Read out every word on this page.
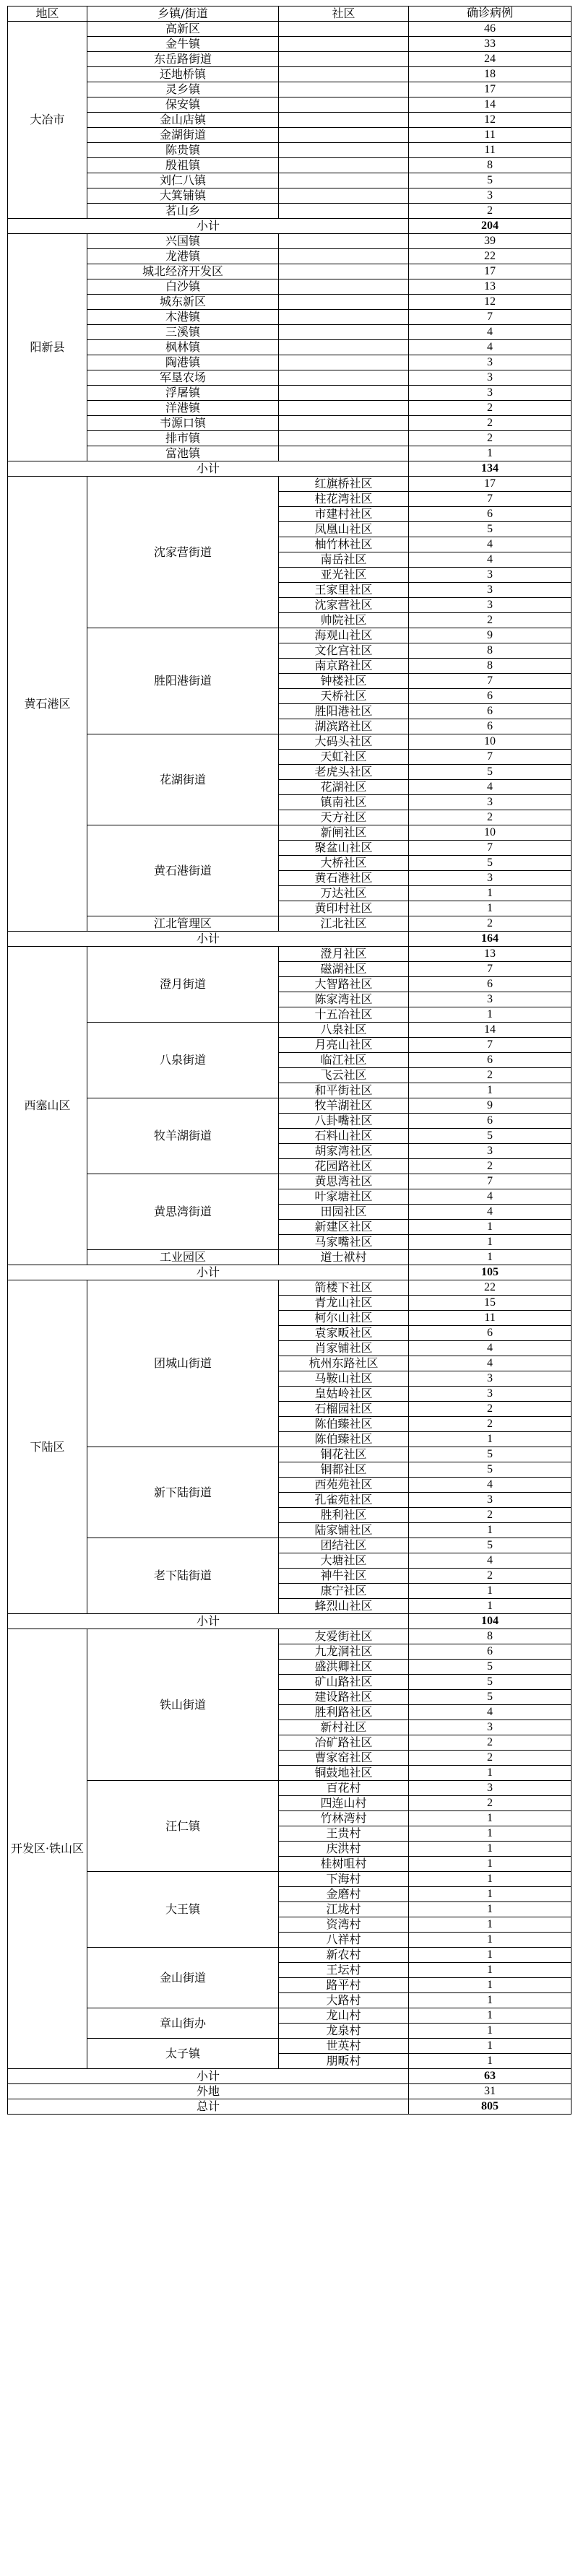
地区	乡镇/街道	社区	确诊病例
大冶市	高新区		46
	金牛镇		33
	东岳路街道		24
	还地桥镇		18
	灵乡镇		17
	保安镇		14
	金山店镇		12
	金湖街道		11
	陈贵镇		11
	殷祖镇		8
	刘仁八镇		5
	大箕铺镇		3
	茗山乡		2
小计			204
阳新县	兴国镇		39
	龙港镇		22
	城北经济开发区		17
	白沙镇		13
	城东新区		12
	木港镇		7
	三溪镇		4
	枫林镇		4
	陶港镇		3
	军垦农场		3
	浮屠镇		3
	洋港镇		2
	韦源口镇		2
	排市镇		2
	富池镇		1
小计			134
黄石港区	沈家营街道	红旗桥社区	17
		柱花湾社区	7
		市建村社区	6
		凤凰山社区	5
		柚竹林社区	4
		南岳社区	4
		亚光社区	3
		王家里社区	3
		沈家营社区	3
		帅院社区	2
	胜阳港街道	海观山社区	9
		文化宫社区	8
		南京路社区	8
		钟楼社区	7
		天桥社区	6
		胜阳港社区	6
		湖滨路社区	6
	花湖街道	大码头社区	10
		天虹社区	7
		老虎头社区	5
		花湖社区	4
		镇南社区	3
		天方社区	2
	黄石港街道	新闸社区	10
		聚盆山社区	7
		大桥社区	5
		黄石港社区	3
		万达社区	1
		黄印村社区	1
	江北管理区	江北社区	2
小计			164
西塞山区	澄月街道	澄月社区	13
		磁湖社区	7
		大智路社区	6
		陈家湾社区	3
		十五冶社区	1
	八泉街道	八泉社区	14
		月亮山社区	7
		临江社区	6
		飞云社区	2
		和平街社区	1
	牧羊湖街道	牧羊湖社区	9
		八卦嘴社区	6
		石料山社区	5
		胡家湾社区	3
		花园路社区	2
	黄思湾街道	黄思湾社区	7
		叶家塘社区	4
		田园社区	4
		新建区社区	1
		马家嘴社区	1
	工业园区	道士袱村	1
小计			105
下陆区	团城山街道	箭楼下社区	22
		青龙山社区	15
		柯尔山社区	11
		袁家畈社区	6
		肖家铺社区	4
		杭州东路社区	4
		马鞍山社区	3
		皇姑岭社区	3
		石榴园社区	2
		陈伯臻社区	2
		陈伯臻社区	1
	新下陆街道	铜花社区	5
		铜都社区	5
		西苑苑社区	4
		孔雀苑社区	3
		胜利社区	2
		陆家铺社区	1
	老下陆街道	团结社区	5
		大塘社区	4
		神牛社区	2
		康宁社区	1
		蜂烈山社区	1
小计			104
开发区·铁山区	铁山街道	友爱街社区	8
		九龙洞社区	6
		盛洪卿社区	5
		矿山路社区	5
		建设路社区	5
		胜利路社区	4
		新村社区	3
		冶矿路社区	2
		曹家窑社区	2
		铜鼓地社区	1
	汪仁镇	百花村	3
		四连山村	2
		竹林湾村	1
		王贵村	1
		庆洪村	1
		桂树咀村	1
	大王镇	下海村	1
		金磨村	1
		江垅村	1
		资湾村	1
		八祥村	1
	金山街道	新农村	1
		王坛村	1
		路平村	1
		大路村	1
	章山街办	龙山村	1
		龙泉村	1
	太子镇	世英村	1
		朋畈村	1
小计			63
外地			31
总计			805
